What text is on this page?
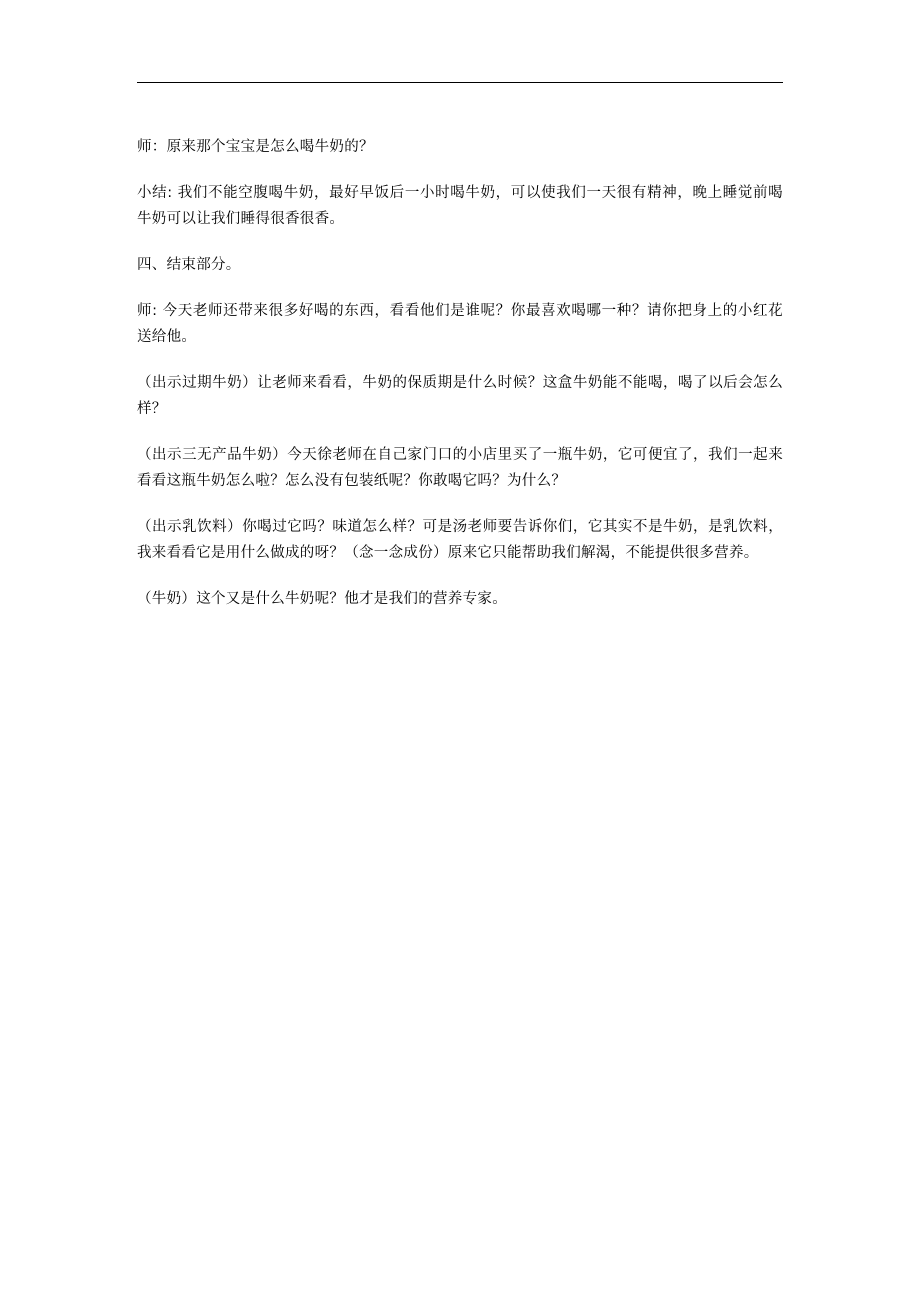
师：原来那个宝宝是怎么喝牛奶的？

小结: 我们不能空腹喝牛奶，最好早饭后一小时喝牛奶，可以使我们一天很有精神，晚上睡觉前喝牛奶可以让我们睡得很香很香。

四、结束部分。

师: 今天老师还带来很多好喝的东西，看看他们是谁呢？你最喜欢喝哪一种？请你把身上的小红花送给他。

（出示过期牛奶）让老师来看看，牛奶的保质期是什么时候？这盒牛奶能不能喝，喝了以后会怎么样？

（出示三无产品牛奶）今天徐老师在自己家门口的小店里买了一瓶牛奶，它可便宜了，我们一起来看看这瓶牛奶怎么啦？怎么没有包装纸呢？你敢喝它吗？为什么？

（出示乳饮料）你喝过它吗？味道怎么样？可是汤老师要告诉你们，它其实不是牛奶，是乳饮料，我来看看它是用什么做成的呀？（念一念成份）原来它只能帮助我们解渴，不能提供很多营养。

（牛奶）这个又是什么牛奶呢？他才是我们的营养专家。
